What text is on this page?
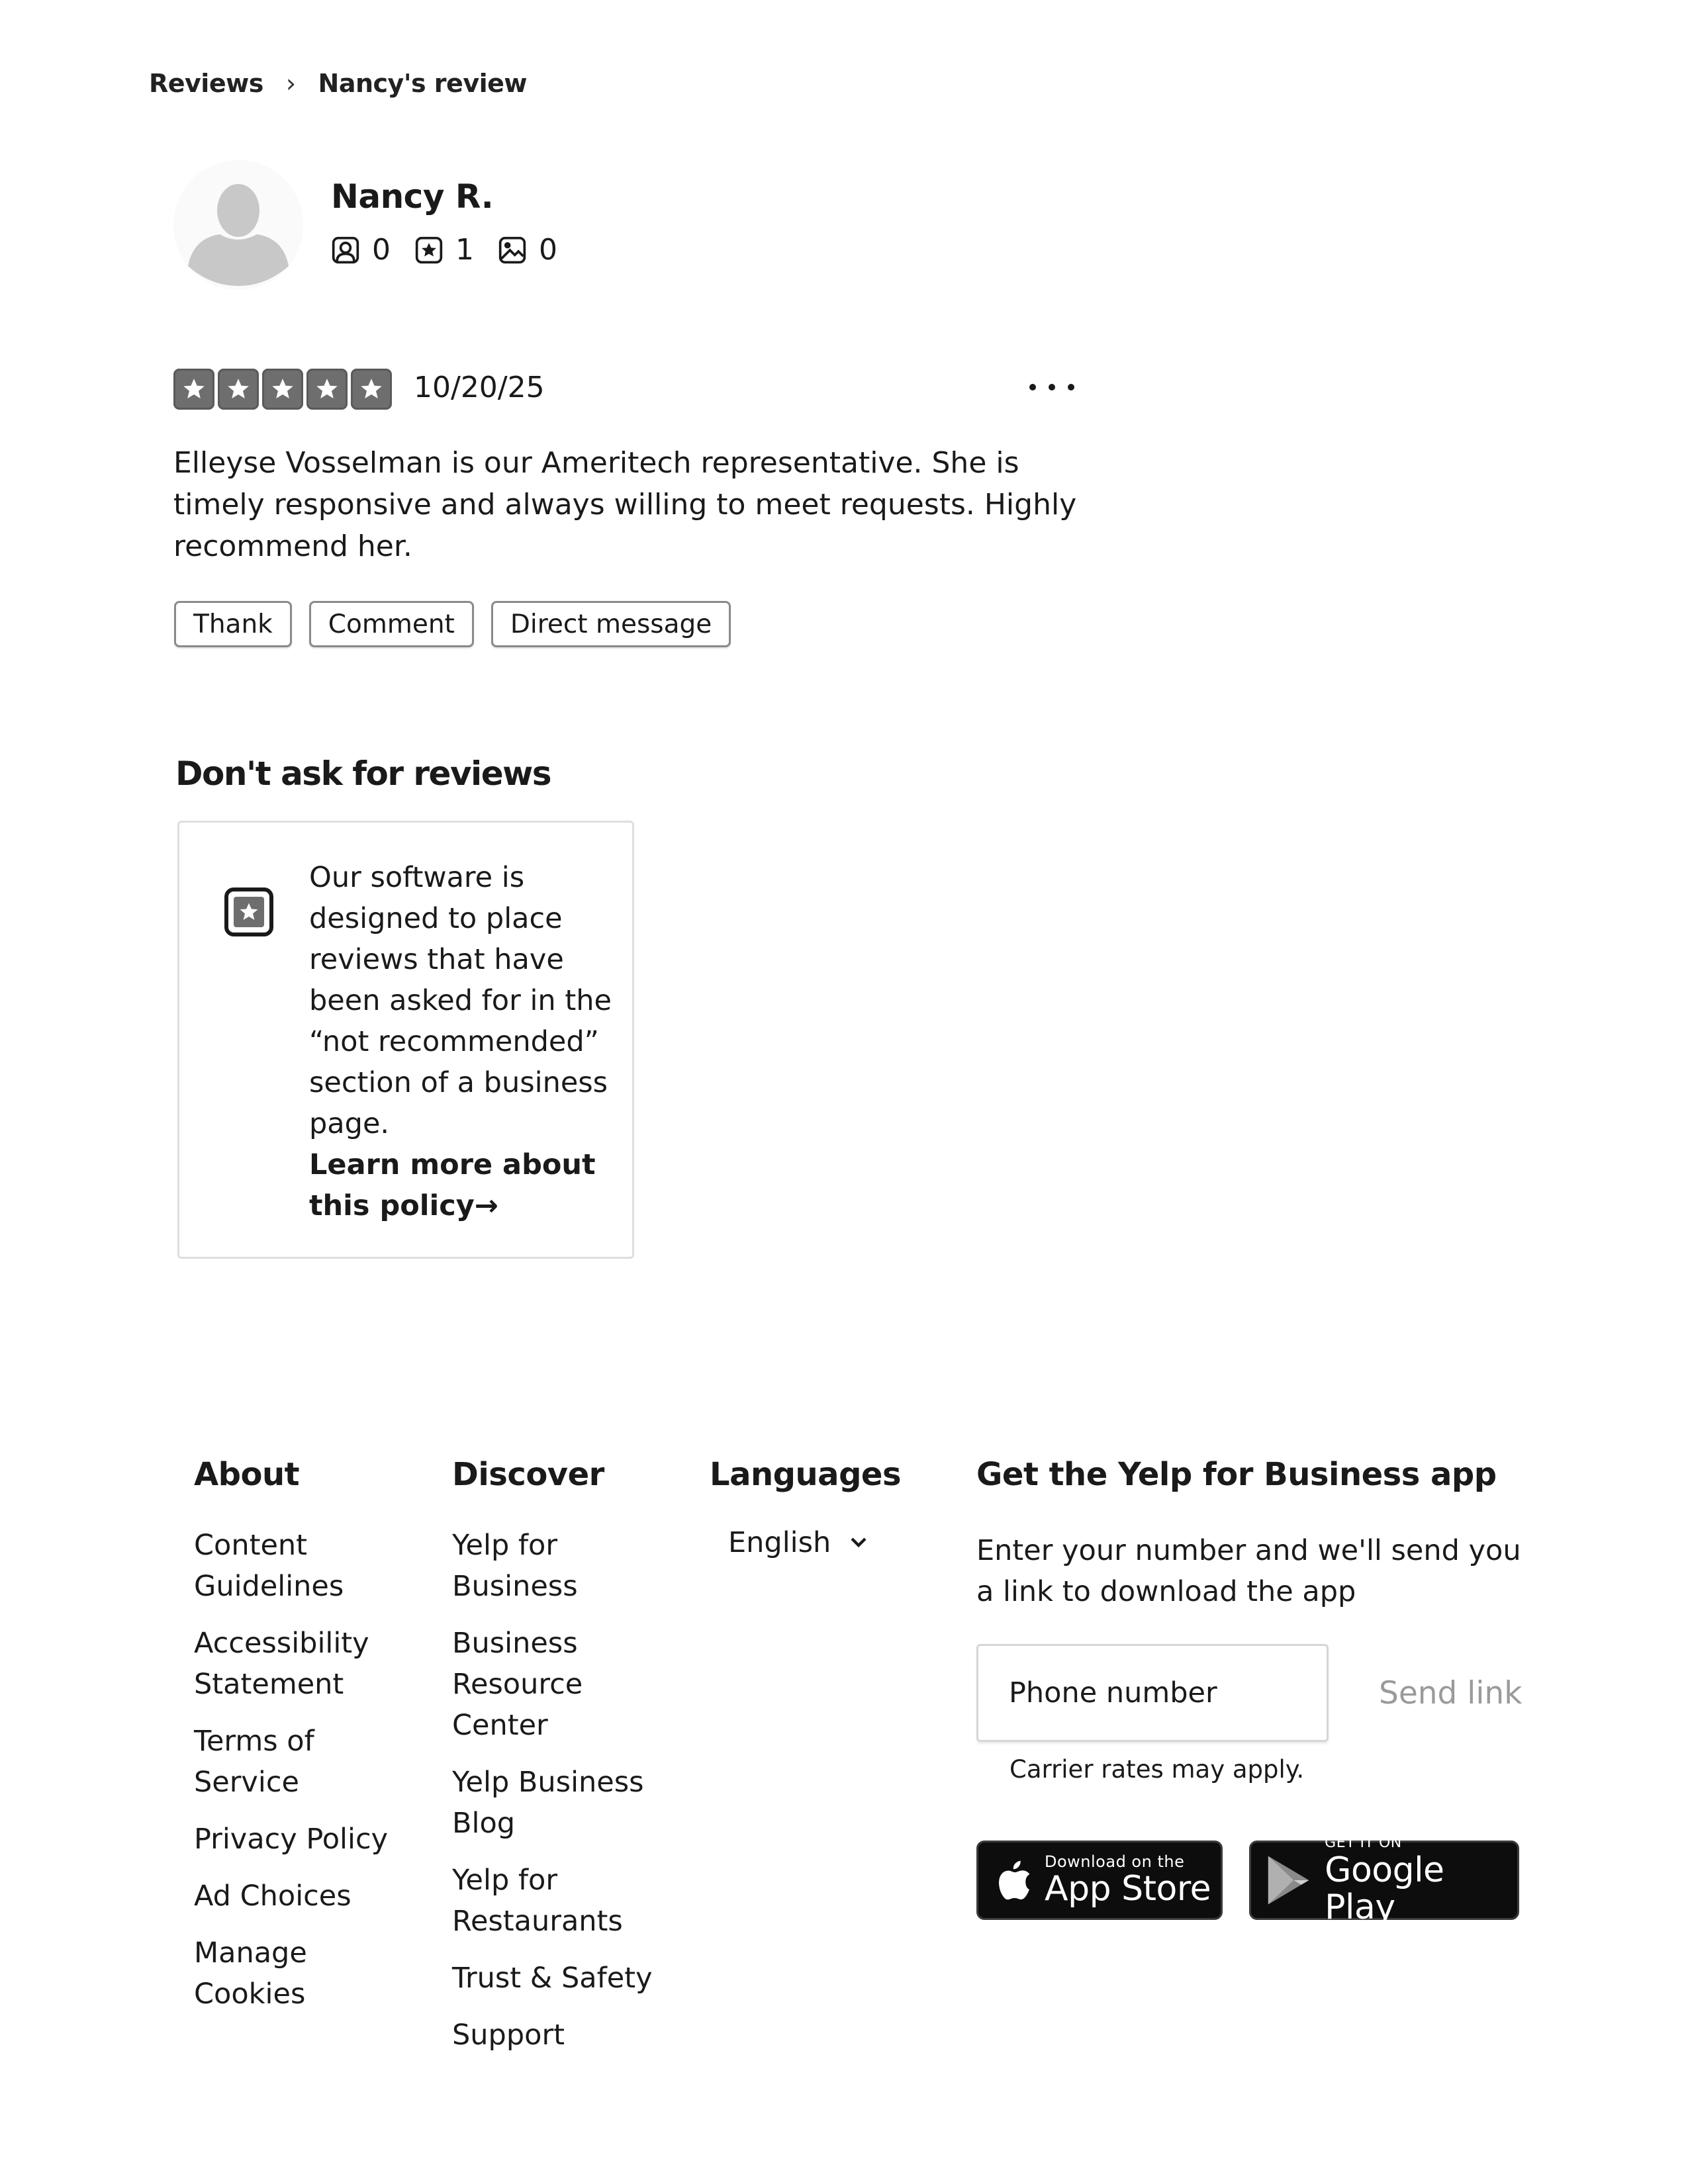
Reviews › Nancy's review
Nancy R.
0 1 0
10/20/25

Elleyse Vosselman is our Ameritech representative. She is timely responsive and always willing to meet requests. Highly recommend her.

Thank	Comment	Direct message
Don't ask for reviews
Our software is designed to place reviews that have been asked for in the “not recommended” section of a business page.
Learn more about this policy→
About
Content Guidelines
Accessibility Statement
Terms of Service
Privacy Policy
Ad Choices
Manage Cookies
Discover
Yelp for Business
Business Resource Center
Yelp Business Blog
Yelp for Restaurants
Trust & Safety
Support
Languages
English
Get the Yelp for Business app
Enter your number and we'll send you a link to download the app
Phone number
Send link
Carrier rates may apply.
Download on the
App Store
GET IT ON
Google Play
